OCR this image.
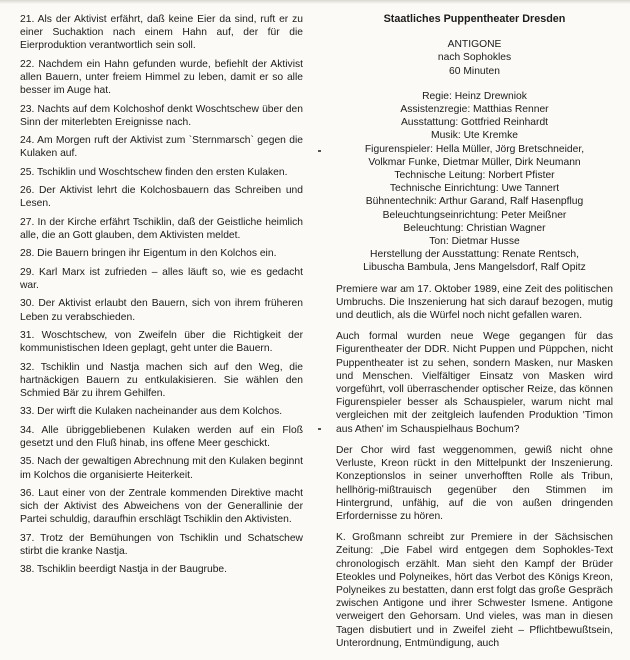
21. Als der Aktivist erfährt, daß keine Eier da sind, ruft er zu einer Suchaktion nach einem Hahn auf, der für die Eierproduktion verantwortlich sein soll.

22. Nachdem ein Hahn gefunden wurde, befiehlt der Aktivist allen Bauern, unter freiem Himmel zu leben, damit er so alle besser im Auge hat.

23. Nachts auf dem Kolchoshof denkt Woschtschew über den Sinn der miterlebten Ereignisse nach.

24. Am Morgen ruft der Aktivist zum `Sternmarsch` gegen die Kulaken auf.

25. Tschiklin und Woschtschew finden den ersten Kulaken.

26. Der Aktivist lehrt die Kolchosbauern das Schreiben und Lesen.

27. In der Kirche erfährt Tschiklin, daß der Geistliche heimlich alle, die an Gott glauben, dem Aktivisten meldet.

28. Die Bauern bringen ihr Eigentum in den Kolchos ein.

29. Karl Marx ist zufrieden – alles läuft so, wie es gedacht war.

30. Der Aktivist erlaubt den Bauern, sich von ihrem früheren Leben zu verabschieden.

31. Woschtschew, von Zweifeln über die Richtigkeit der kommunistischen Ideen geplagt, geht unter die Bauern.

32. Tschiklin und Nastja machen sich auf den Weg, die hartnäckigen Bauern zu entkulakisieren. Sie wählen den Schmied Bär zu ihrem Gehilfen.

33. Der wirft die Kulaken nacheinander aus dem Kolchos.

34. Alle übriggebliebenen Kulaken werden auf ein Floß gesetzt und den Fluß hinab, ins offene Meer geschickt.

35. Nach der gewaltigen Abrechnung mit den Kulaken beginnt im Kolchos die organisierte Heiterkeit.

36. Laut einer von der Zentrale kommenden Direktive macht sich der Aktivist des Abweichens von der Generallinie der Partei schuldig, daraufhin erschlägt Tschiklin den Aktivisten.

37. Trotz der Bemühungen von Tschiklin und Schatschew stirbt die kranke Nastja.

38. Tschiklin beerdigt Nastja in der Baugrube.

Staatliches Puppentheater Dresden
ANTIGONE
nach Sophokles
60 Minuten
Regie: Heinz Drewniok
Assistenzregie: Matthias Renner
Ausstattung: Gottfried Reinhardt
Musik: Ute Kremke
Figurenspieler: Hella Müller, Jörg Bretschneider,
Volkmar Funke, Dietmar Müller, Dirk Neumann
Technische Leitung: Norbert Pfister
Technische Einrichtung: Uwe Tannert
Bühnentechnik: Arthur Garand, Ralf Hasenpflug
Beleuchtungseinrichtung: Peter Meißner
Beleuchtung: Christian Wagner
Ton: Dietmar Husse
Herstellung der Ausstattung: Renate Rentsch,
Libuscha Bambula, Jens Mangelsdorf, Ralf Opitz

Premiere war am 17. Oktober 1989, eine Zeit des politischen Umbruchs. Die Inszenierung hat sich darauf bezogen, mutig und deutlich, als die Würfel noch nicht gefallen waren.

Auch formal wurden neue Wege gegangen für das Figurentheater der DDR. Nicht Puppen und Püppchen, nicht Puppentheater ist zu sehen, sondern Masken, nur Masken und Menschen. Vielfältiger Einsatz von Masken wird vorgeführt, voll überraschender optischer Reize, das können Figurenspieler besser als Schauspieler, warum nicht mal vergleichen mit der zeitgleich laufenden Produktion 'Timon aus Athen' im Schauspielhaus Bochum?

Der Chor wird fast weggenommen, gewiß nicht ohne Verluste, Kreon rückt in den Mittelpunkt der Inszenierung. Konzeptionslos in seiner unverhofften Rolle als Tribun, hellhörig-mißtrauisch gegenüber den Stimmen im Hintergrund, unfähig, auf die von außen dringenden Erfordernisse zu hören.

K. Großmann schreibt zur Premiere in der Sächsischen Zeitung: „Die Fabel wird entgegen dem Sophokles-Text chronologisch erzählt. Man sieht den Kampf der Brüder Eteokles und Polyneikes, hört das Verbot des Königs Kreon, Polyneikes zu bestatten, dann erst folgt das große Gespräch zwischen Antigone und ihrer Schwester Ismene. Antigone verweigert den Gehorsam. Und vieles, was man in diesen Tagen disbutiert und in Zweifel zieht – Pflichtbewußtsein, Unterordnung, Entmündigung, auch
